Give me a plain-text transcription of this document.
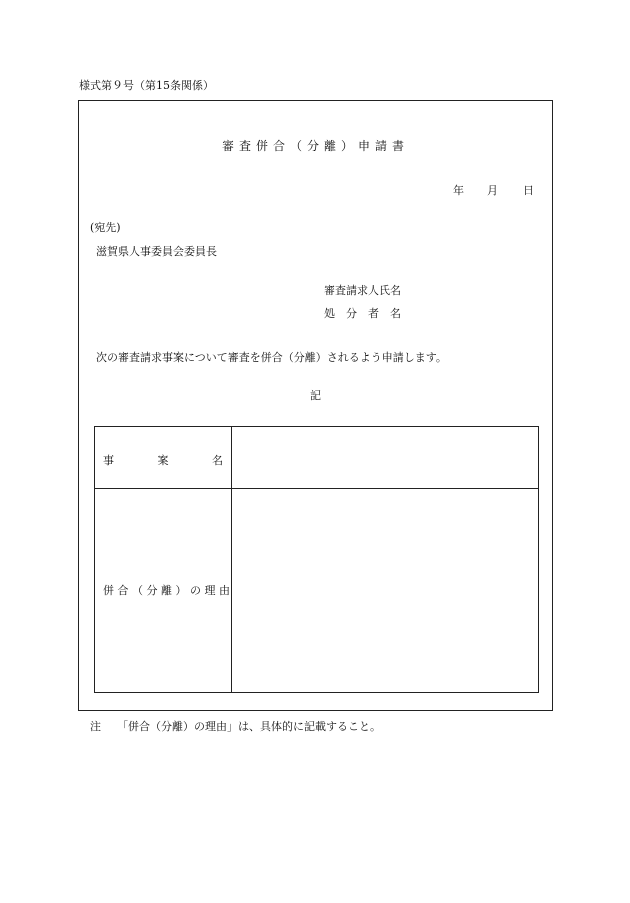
様式第９号（第15条関係）
審査併合（分離）申請書
年 月 日
(宛先)
滋賀県人事委員会委員長
審査請求人氏名
処分者名
次の審査請求事案について審査を併合（分離）されるよう申請します。
記
事	案	名
併合（分離）の理由
注 「併合（分離）の理由」は、具体的に記載すること。
